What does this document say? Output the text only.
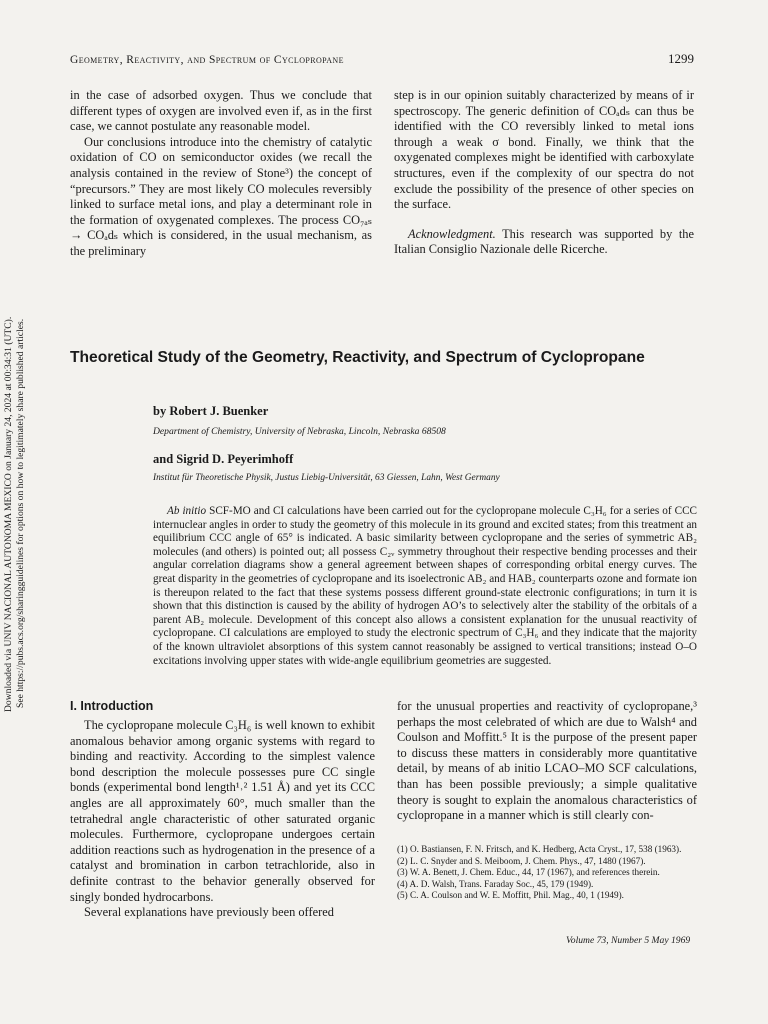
Geometry, Reactivity, and Spectrum of Cyclopropane	1299
Downloaded via UNIV NACIONAL AUTONOMA MEXICO on January 24, 2024 at 00:34:31 (UTC). See https://pubs.acs.org/sharingguidelines for options on how to legitimately share published articles.

in the case of adsorbed oxygen. Thus we conclude that different types of oxygen are involved even if, as in the first case, we cannot postulate any reasonable model.

Our conclusions introduce into the chemistry of catalytic oxidation of CO on semiconductor oxides (we recall the analysis contained in the review of Stone³) the concept of “precursors.” They are most likely CO molecules reversibly linked to surface metal ions, and play a determinant role in the formation of oxygenated complexes. The process CO₇ₐₛ → COₐdₛ which is considered, in the usual mechanism, as the preliminary

step is in our opinion suitably characterized by means of ir spectroscopy. The generic definition of COₐdₛ can thus be identified with the CO reversibly linked to metal ions through a weak σ bond. Finally, we think that the oxygenated complexes might be identified with carboxylate structures, even if the complexity of our spectra do not exclude the possibility of the presence of other species on the surface.

Acknowledgment. This research was supported by the Italian Consiglio Nazionale delle Ricerche.

Theoretical Study of the Geometry, Reactivity, and Spectrum of Cyclopropane
by Robert J. Buenker
Department of Chemistry, University of Nebraska, Lincoln, Nebraska 68508
and Sigrid D. Peyerimhoff
Institut für Theoretische Physik, Justus Liebig-Universität, 63 Giessen, Lahn, West Germany

Ab initio SCF-MO and CI calculations have been carried out for the cyclopropane molecule C₃H₆ for a series of CCC internuclear angles in order to study the geometry of this molecule in its ground and excited states; from this treatment an equilibrium CCC angle of 65° is indicated. A basic similarity between cyclopropane and the series of symmetric AB₂ molecules (and others) is pointed out; all possess C₂ᵥ symmetry throughout their respective bending processes and their angular correlation diagrams show a general agreement between shapes of corresponding orbital energy curves. The great disparity in the geometries of cyclopropane and its isoelectronic AB₂ and HAB₂ counterparts ozone and formate ion is thereupon related to the fact that these systems possess different ground-state electronic configurations; in turn it is shown that this distinction is caused by the ability of hydrogen AO’s to selectively alter the stability of the orbitals of a parent AB₂ molecule. Development of this concept also allows a consistent explanation for the unusual reactivity of cyclopropane. CI calculations are employed to study the electronic spectrum of C₃H₆ and they indicate that the majority of the known ultraviolet absorptions of this system cannot reasonably be assigned to vertical transitions; instead O–O excitations involving upper states with wide-angle equilibrium geometries are suggested.

I. Introduction

The cyclopropane molecule C₃H₆ is well known to exhibit anomalous behavior among organic systems with regard to binding and reactivity. According to the simplest valence bond description the molecule possesses pure CC single bonds (experimental bond length¹˒² 1.51 Å) and yet its CCC angles are all approximately 60°, much smaller than the tetrahedral angle characteristic of other saturated organic molecules. Furthermore, cyclopropane undergoes certain addition reactions such as hydrogenation in the presence of a catalyst and bromination in carbon tetrachloride, also in definite contrast to the behavior generally observed for singly bonded hydrocarbons.

Several explanations have previously been offered

for the unusual properties and reactivity of cyclopropane,³ perhaps the most celebrated of which are due to Walsh⁴ and Coulson and Moffitt.⁵ It is the purpose of the present paper to discuss these matters in considerably more quantitative detail, by means of ab initio LCAO–MO SCF calculations, than has been possible previously; a simple qualitative theory is sought to explain the anomalous characteristics of cyclopropane in a manner which is still clearly con-

(1) O. Bastiansen, F. N. Fritsch, and K. Hedberg, Acta Cryst., 17, 538 (1963).
(2) L. C. Snyder and S. Meiboom, J. Chem. Phys., 47, 1480 (1967).
(3) W. A. Benett, J. Chem. Educ., 44, 17 (1967), and references therein.
(4) A. D. Walsh, Trans. Faraday Soc., 45, 179 (1949).
(5) C. A. Coulson and W. E. Moffitt, Phil. Mag., 40, 1 (1949).
Volume 73, Number 5 May 1969
